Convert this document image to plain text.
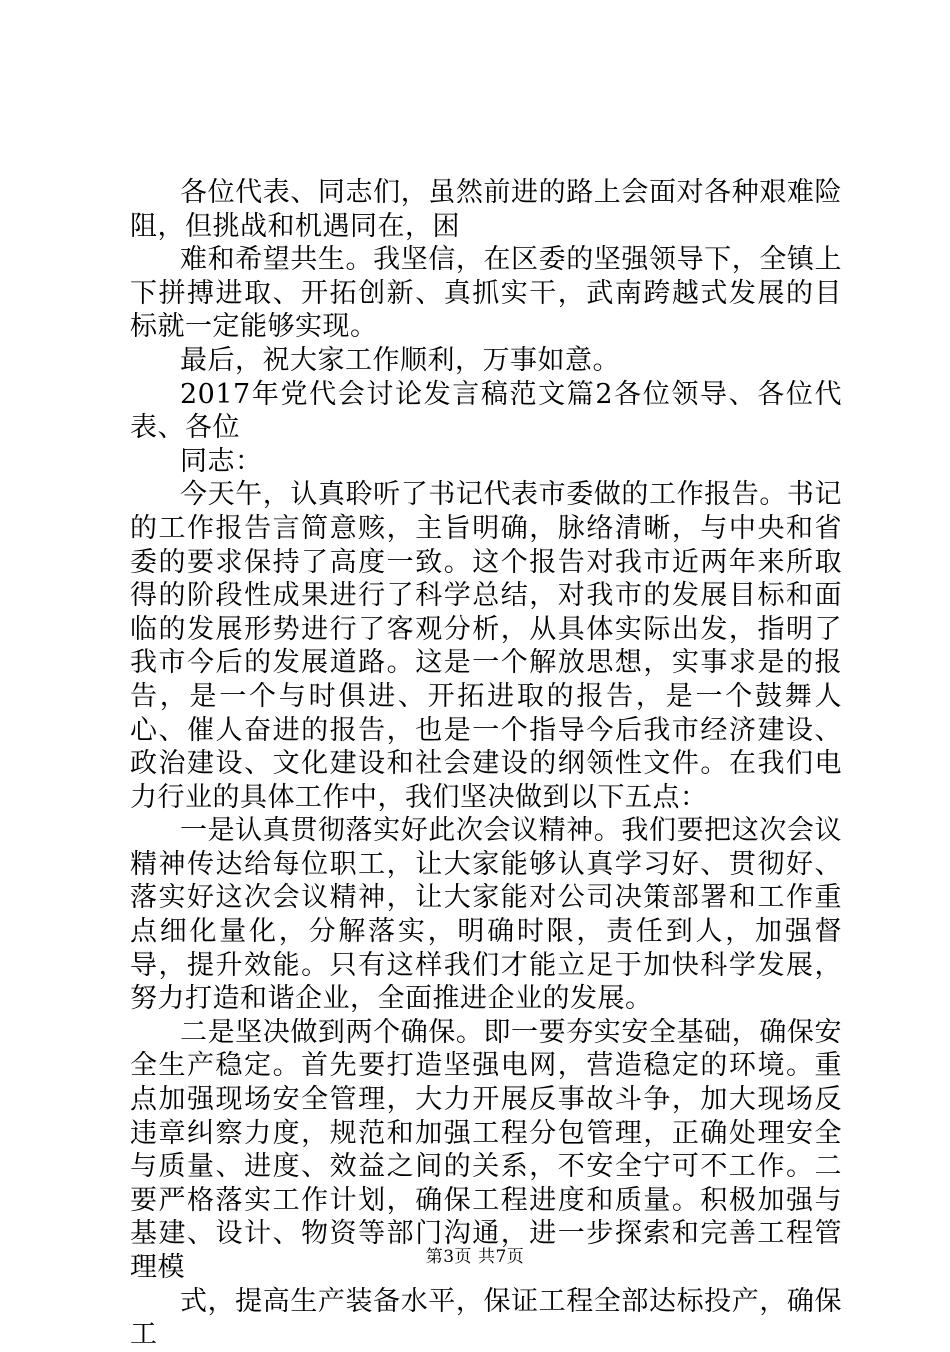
各位代表、同志们，虽然前进的路上会面对各种艰难险阻，但挑战和机遇同在，困

难和希望共生。我坚信，在区委的坚强领导下，全镇上下拼搏进取、开拓创新、真抓实干，武南跨越式发展的目标就一定能够实现。

最后，祝大家工作顺利，万事如意。

2017年党代会讨论发言稿范文篇2各位领导、各位代表、各位

同志：

今天午，认真聆听了书记代表市委做的工作报告。书记的工作报告言简意赅，主旨明确，脉络清晰，与中央和省委的要求保持了高度一致。这个报告对我市近两年来所取得的阶段性成果进行了科学总结，对我市的发展目标和面临的发展形势进行了客观分析，从具体实际出发，指明了我市今后的发展道路。这是一个解放思想，实事求是的报告，是一个与时俱进、开拓进取的报告，是一个鼓舞人心、催人奋进的报告，也是一个指导今后我市经济建设、政治建设、文化建设和社会建设的纲领性文件。在我们电力行业的具体工作中，我们坚决做到以下五点：

一是认真贯彻落实好此次会议精神。我们要把这次会议精神传达给每位职工，让大家能够认真学习好、贯彻好、落实好这次会议精神，让大家能对公司决策部署和工作重点细化量化，分解落实，明确时限，责任到人，加强督导，提升效能。只有这样我们才能立足于加快科学发展，努力打造和谐企业，全面推进企业的发展。

二是坚决做到两个确保。即一要夯实安全基础，确保安全生产稳定。首先要打造坚强电网，营造稳定的环境。重点加强现场安全管理，大力开展反事故斗争，加大现场反违章纠察力度，规范和加强工程分包管理，正确处理安全与质量、进度、效益之间的关系，不安全宁可不工作。二要严格落实工作计划，确保工程进度和质量。积极加强与基建、设计、物资等部门沟通，进一步探索和完善工程管理模

式，提高生产装备水平，保证工程全部达标投产，确保工

第3页 共7页
